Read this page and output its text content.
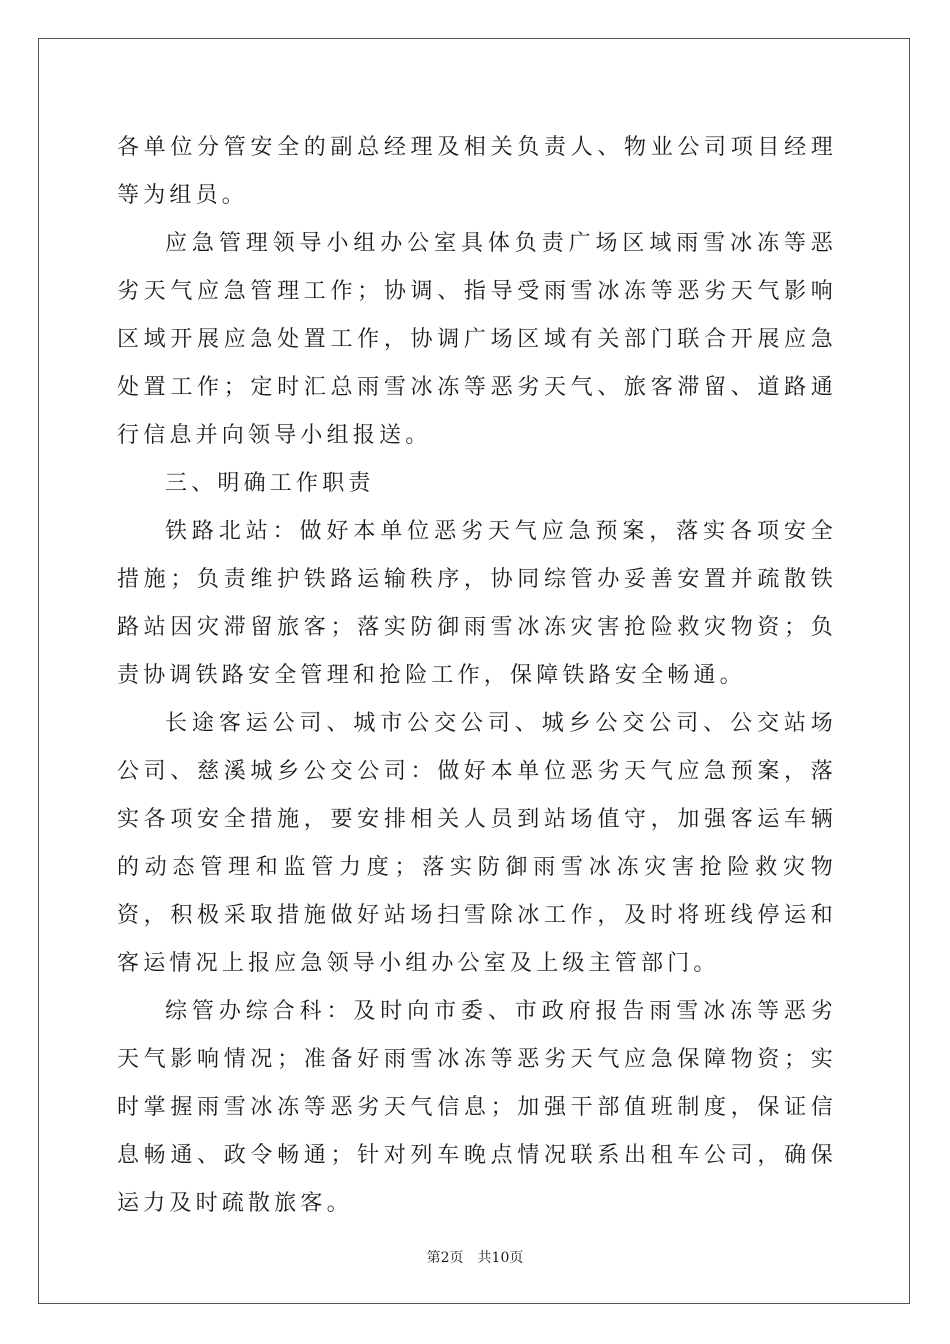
各单位分管安全的副总经理及相关负责人、物业公司项目经理等为组员。

应急管理领导小组办公室具体负责广场区域雨雪冰冻等恶劣天气应急管理工作；协调、指导受雨雪冰冻等恶劣天气影响区域开展应急处置工作，协调广场区域有关部门联合开展应急处置工作；定时汇总雨雪冰冻等恶劣天气、旅客滞留、道路通行信息并向领导小组报送。

三、明确工作职责

铁路北站：做好本单位恶劣天气应急预案，落实各项安全措施；负责维护铁路运输秩序，协同综管办妥善安置并疏散铁路站因灾滞留旅客；落实防御雨雪冰冻灾害抢险救灾物资；负责协调铁路安全管理和抢险工作，保障铁路安全畅通。

长途客运公司、城市公交公司、城乡公交公司、公交站场公司、慈溪城乡公交公司：做好本单位恶劣天气应急预案，落实各项安全措施，要安排相关人员到站场值守，加强客运车辆的动态管理和监管力度；落实防御雨雪冰冻灾害抢险救灾物资，积极采取措施做好站场扫雪除冰工作，及时将班线停运和客运情况上报应急领导小组办公室及上级主管部门。

综管办综合科：及时向市委、市政府报告雨雪冰冻等恶劣天气影响情况；准备好雨雪冰冻等恶劣天气应急保障物资；实时掌握雨雪冰冻等恶劣天气信息；加强干部值班制度，保证信息畅通、政令畅通；针对列车晚点情况联系出租车公司，确保运力及时疏散旅客。

第2页 共10页
